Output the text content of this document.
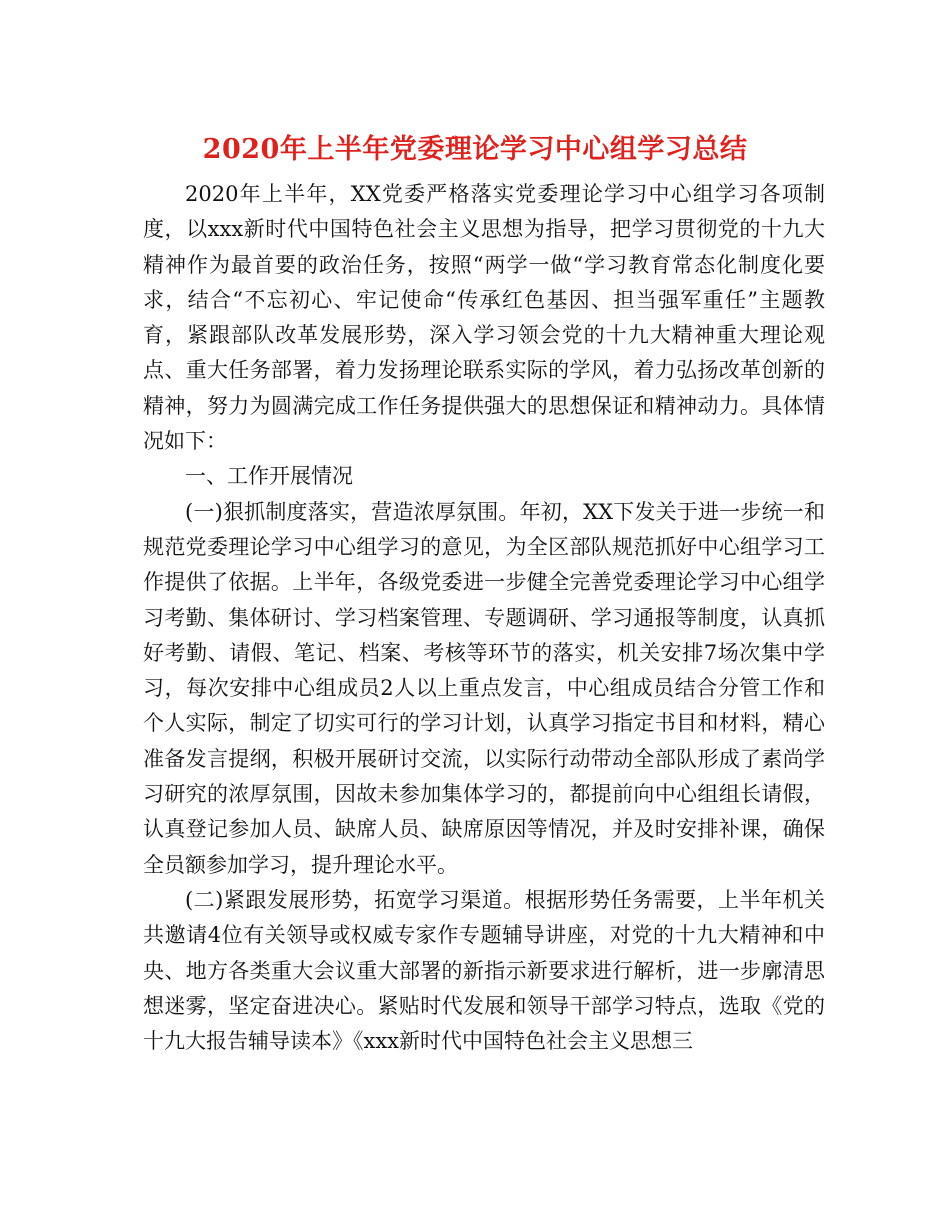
2020年上半年党委理论学习中心组学习总结

2020年上半年，XX党委严格落实党委理论学习中心组学习各项制度，以xxx新时代中国特色社会主义思想为指导，把学习贯彻党的十九大精神作为最首要的政治任务，按照“两学一做“学习教育常态化制度化要求，结合“不忘初心、牢记使命“传承红色基因、担当强军重任”主题教育，紧跟部队改革发展形势，深入学习领会党的十九大精神重大理论观点、重大任务部署，着力发扬理论联系实际的学风，着力弘扬改革创新的精神，努力为圆满完成工作任务提供强大的思想保证和精神动力。具体情况如下：

一、工作开展情况

(一)狠抓制度落实，营造浓厚氛围。年初，XX下发关于进一步统一和规范党委理论学习中心组学习的意见，为全区部队规范抓好中心组学习工作提供了依据。上半年，各级党委进一步健全完善党委理论学习中心组学习考勤、集体研讨、学习档案管理、专题调研、学习通报等制度，认真抓好考勤、请假、笔记、档案、考核等环节的落实，机关安排7场次集中学习，每次安排中心组成员2人以上重点发言，中心组成员结合分管工作和个人实际，制定了切实可行的学习计划，认真学习指定书目和材料，精心准备发言提纲，积极开展研讨交流，以实际行动带动全部队形成了素尚学习研究的浓厚氛围，因故未参加集体学习的，都提前向中心组组长请假，认真登记参加人员、缺席人员、缺席原因等情况，并及时安排补课，确保全员额参加学习，提升理论水平。

(二)紧跟发展形势，拓宽学习渠道。根据形势任务需要，上半年机关共邀请4位有关领导或权威专家作专题辅导讲座，对党的十九大精神和中央、地方各类重大会议重大部署的新指示新要求进行解析，进一步廓清思想迷雾，坚定奋进决心。紧贴时代发展和领导干部学习特点，选取《党的十九大报告辅导读本》《xxx新时代中国特色社会主义思想三
